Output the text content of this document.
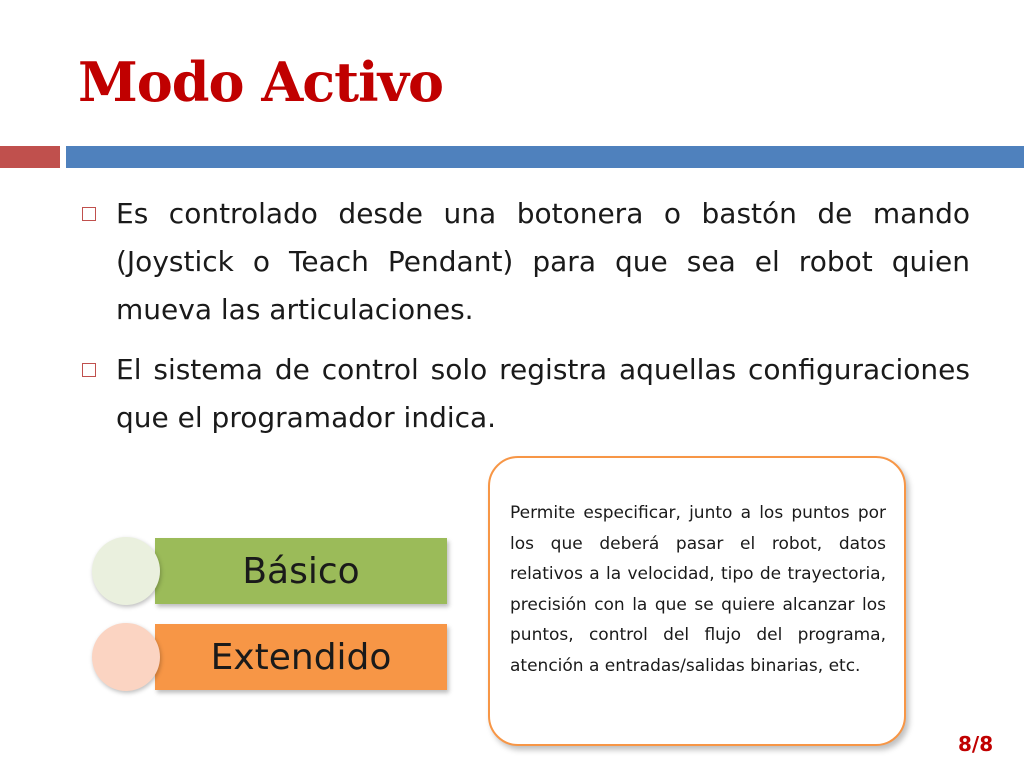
Modo Activo
Es controlado desde una botonera o bastón de mando (Joystick o Teach Pendant) para que sea el robot quien mueva las articulaciones.
El sistema de control solo registra aquellas configuraciones que el programador indica.
Básico
Extendido

Permite especificar, junto a los puntos por los que deberá pasar el robot, datos relativos a la velocidad, tipo de trayectoria, precisión con la que se quiere alcanzar los puntos, control del flujo del programa, atención a entradas/salidas binarias, etc.

8/8
